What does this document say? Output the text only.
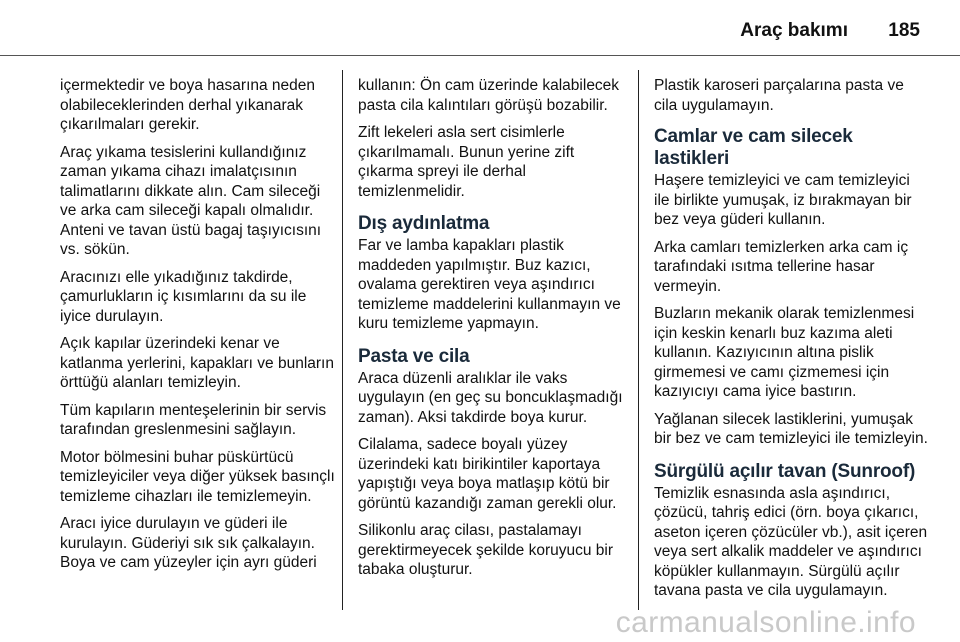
Araç bakımı 185

içermektedir ve boya hasarına neden olabileceklerinden derhal yıkanarak çıkarılmaları gerekir.

Araç yıkama tesislerini kullandığınız zaman yıkama cihazı imalatçısının talimatlarını dikkate alın. Cam sileceği ve arka cam sileceği kapalı olmalıdır. Anteni ve tavan üstü bagaj taşıyıcısını vs. sökün.

Aracınızı elle yıkadığınız takdirde, çamurlukların iç kısımlarını da su ile iyice durulayın.

Açık kapılar üzerindeki kenar ve katlanma yerlerini, kapakları ve bunların örttüğü alanları temizleyin.

Tüm kapıların menteşelerinin bir servis tarafından greslenmesini sağlayın.

Motor bölmesini buhar püskürtücü temizleyiciler veya diğer yüksek basınçlı temizleme cihazları ile temizlemeyin.

Aracı iyice durulayın ve güderi ile kurulayın. Güderiyi sık sık çalkalayın. Boya ve cam yüzeyler için ayrı güderi

kullanın: Ön cam üzerinde kalabilecek pasta cila kalıntıları görüşü bozabilir.

Zift lekeleri asla sert cisimlerle çıkarılmamalı. Bunun yerine zift çıkarma spreyi ile derhal temizlenmelidir.

Dış aydınlatma

Far ve lamba kapakları plastik maddeden yapılmıştır. Buz kazıcı, ovalama gerektiren veya aşındırıcı temizleme maddelerini kullanmayın ve kuru temizleme yapmayın.

Pasta ve cila

Araca düzenli aralıklar ile vaks uygulayın (en geç su boncuklaşmadığı zaman). Aksi takdirde boya kurur.

Cilalama, sadece boyalı yüzey üzerindeki katı birikintiler kaportaya yapıştığı veya boya matlaşıp kötü bir görüntü kazandığı zaman gerekli olur.

Silikonlu araç cilası, pastalamayı gerektirmeyecek şekilde koruyucu bir tabaka oluşturur.

Plastik karoseri parçalarına pasta ve cila uygulamayın.

Camlar ve cam silecek lastikleri

Haşere temizleyici ve cam temizleyici ile birlikte yumuşak, iz bırakmayan bir bez veya güderi kullanın.

Arka camları temizlerken arka cam iç tarafındaki ısıtma tellerine hasar vermeyin.

Buzların mekanik olarak temizlenmesi için keskin kenarlı buz kazıma aleti kullanın. Kazıyıcının altına pislik girmemesi ve camı çizmemesi için kazıyıcıyı cama iyice bastırın.

Yağlanan silecek lastiklerini, yumuşak bir bez ve cam temizleyici ile temizleyin.

Sürgülü açılır tavan (Sunroof)

Temizlik esnasında asla aşındırıcı, çözücü, tahriş edici (örn. boya çıkarıcı, aseton içeren çözücüler vb.), asit içeren veya sert alkalik maddeler ve aşındırıcı köpükler kullanmayın. Sürgülü açılır tavana pasta ve cila uygulamayın.

carmanualsonline.info
